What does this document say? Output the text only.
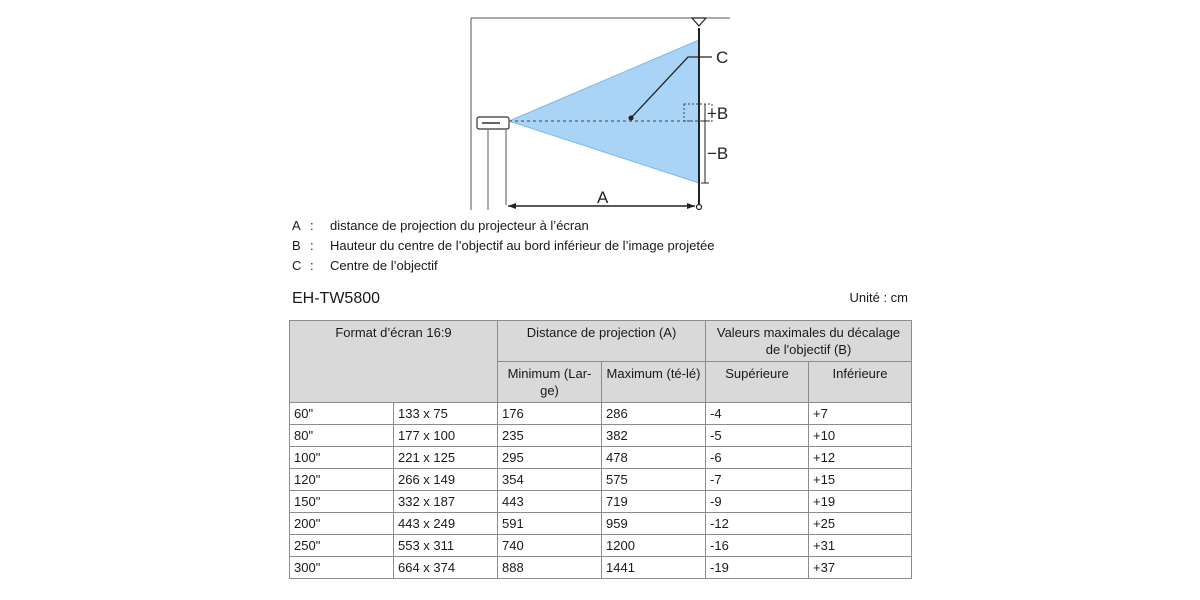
C
+B
−B
A
A :	distance de projection du projecteur à l’écran
B :	Hauteur du centre de l’objectif au bord inférieur de l’image projetée
C :	Centre de l’objectif
EH-TW5800	Unité : cm
Format d’écran 16:9		Distance de projection (A)		Valeurs maximales du décalage de l'objectif (B)	
		Minimum (Lar-ge)	Maximum (té-lé)	Supérieure	Inférieure
60"	133 x 75	176	286	-4	+7
80"	177 x 100	235	382	-5	+10
100"	221 x 125	295	478	-6	+12
120"	266 x 149	354	575	-7	+15
150"	332 x 187	443	719	-9	+19
200"	443 x 249	591	959	-12	+25
250"	553 x 311	740	1200	-16	+31
300"	664 x 374	888	1441	-19	+37
